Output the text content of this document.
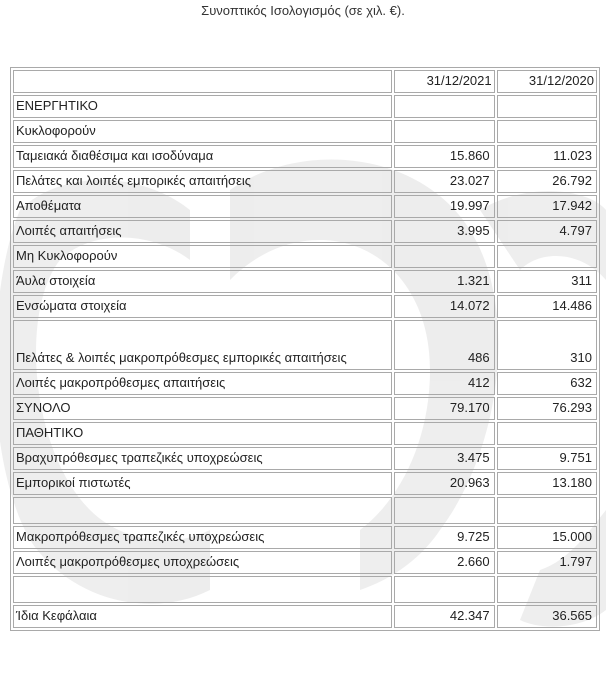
Συνοπτικός Ισολογισμός (σε χιλ. €).
	31/12/2021	31/12/2020
ΕΝΕΡΓΗΤΙΚΟ		
Κυκλοφορούν		
Ταμειακά διαθέσιμα και ισοδύναμα	15.860	11.023
Πελάτες και λοιπές εμπορικές απαιτήσεις	23.027	26.792
Αποθέματα	19.997	17.942
Λοιπές απαιτήσεις	3.995	4.797
Μη Κυκλοφορούν		
Άυλα στοιχεία	1.321	311
Ενσώματα στοιχεία	14.072	14.486
Πελάτες & λοιπές μακροπρόθεσμες εμπορικές απαιτήσεις	486	310
Λοιπές μακροπρόθεσμες απαιτήσεις	412	632
ΣΥΝΟΛΟ	79.170	76.293
ΠΑΘΗΤΙΚΟ		
Βραχυπρόθεσμες τραπεζικές υποχρεώσεις	3.475	9.751
Εμπορικοί πιστωτές	20.963	13.180

Μακροπρόθεσμες τραπεζικές υποχρεώσεις	9.725	15.000
Λοιπές μακροπρόθεσμες υποχρεώσεις	2.660	1.797

Ίδια Κεφάλαια	42.347	36.565
